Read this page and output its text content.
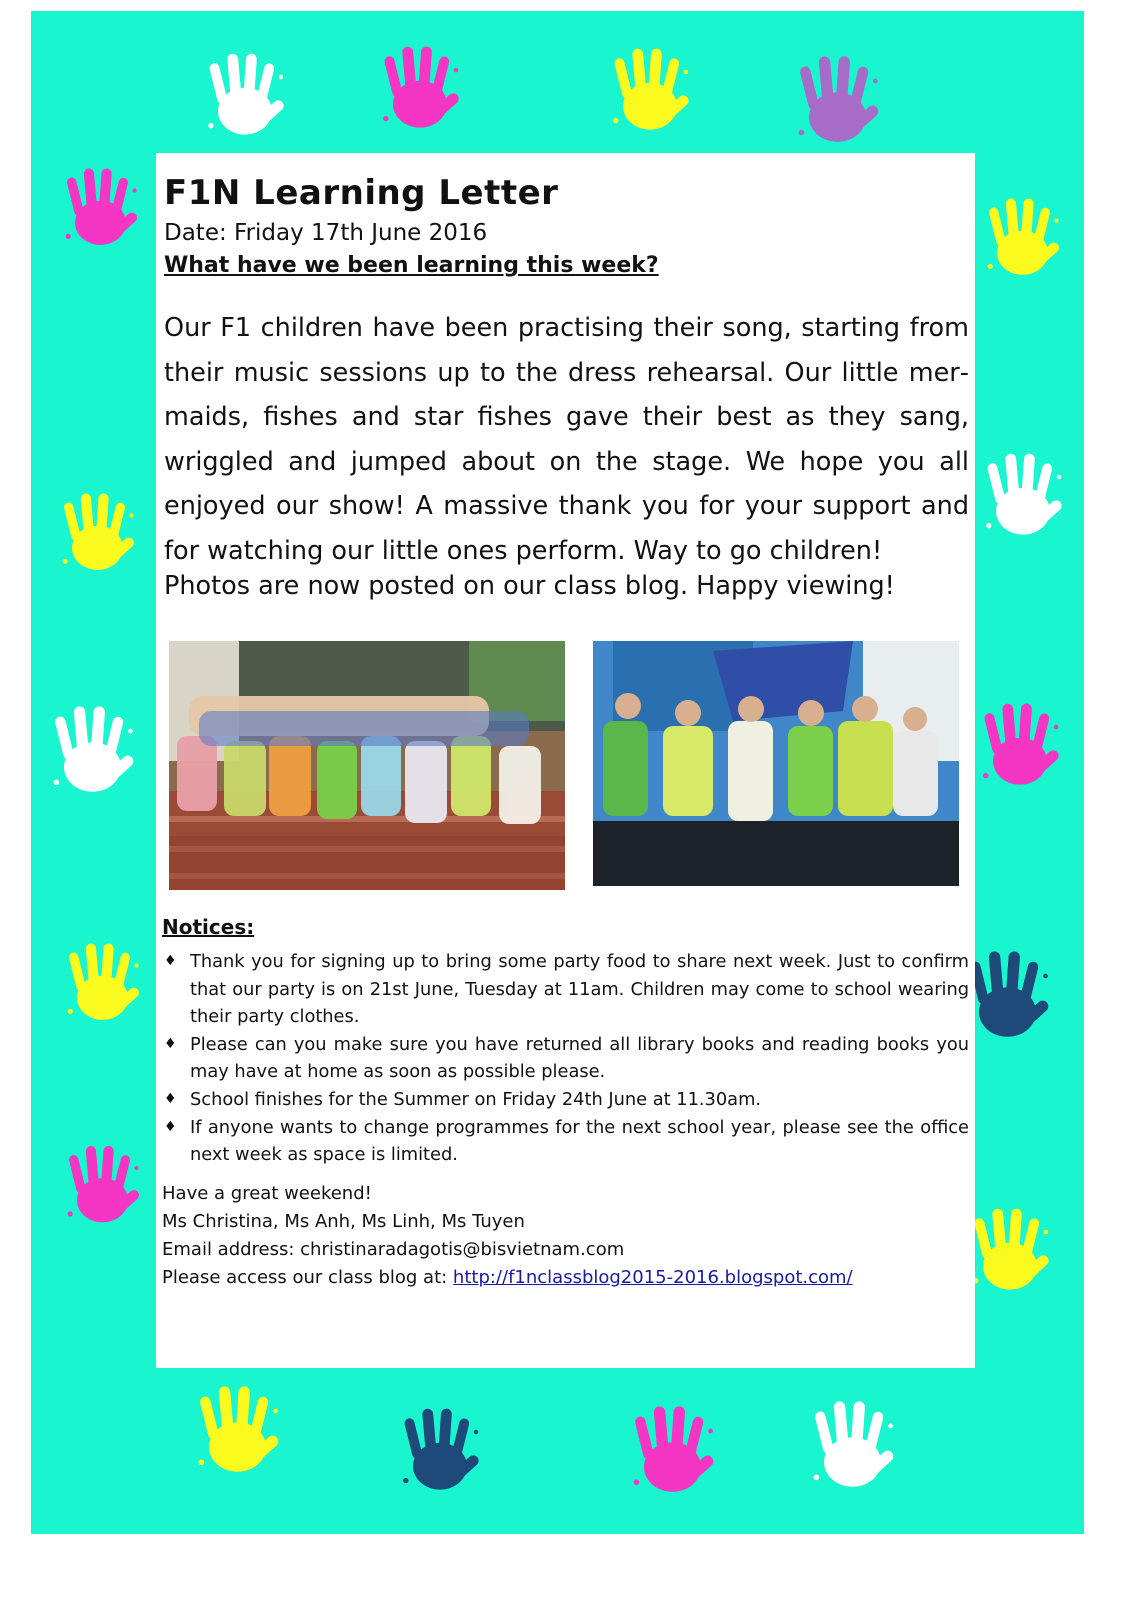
F1N Learning Letter
Date: Friday 17th June 2016
What have we been learning this week?
Our F1 children have been practising their song, starting from their music sessions up to the dress rehearsal. Our little mermaids, fishes and star fishes gave their best as they sang, wriggled and jumped about on the stage. We hope you all enjoyed our show! A massive thank you for your support and for watching our little ones perform. Way to go children!
Photos are now posted on our class blog. Happy viewing!
Notices:
♦ Thank you for signing up to bring some party food to share next week. Just to confirm that our party is on 21st June, Tuesday at 11am. Children may come to school wearing their party clothes.
♦ Please can you make sure you have returned all library books and reading books you may have at home as soon as possible please.
♦ School finishes for the Summer on Friday 24th June at 11.30am.
♦ If anyone wants to change programmes for the next school year, please see the office next week as space is limited.
Have a great weekend!
Ms Christina, Ms Anh, Ms Linh, Ms Tuyen
Email address: christinaradagotis@bisvietnam.com
Please access our class blog at: http://f1nclassblog2015-2016.blogspot.com/
